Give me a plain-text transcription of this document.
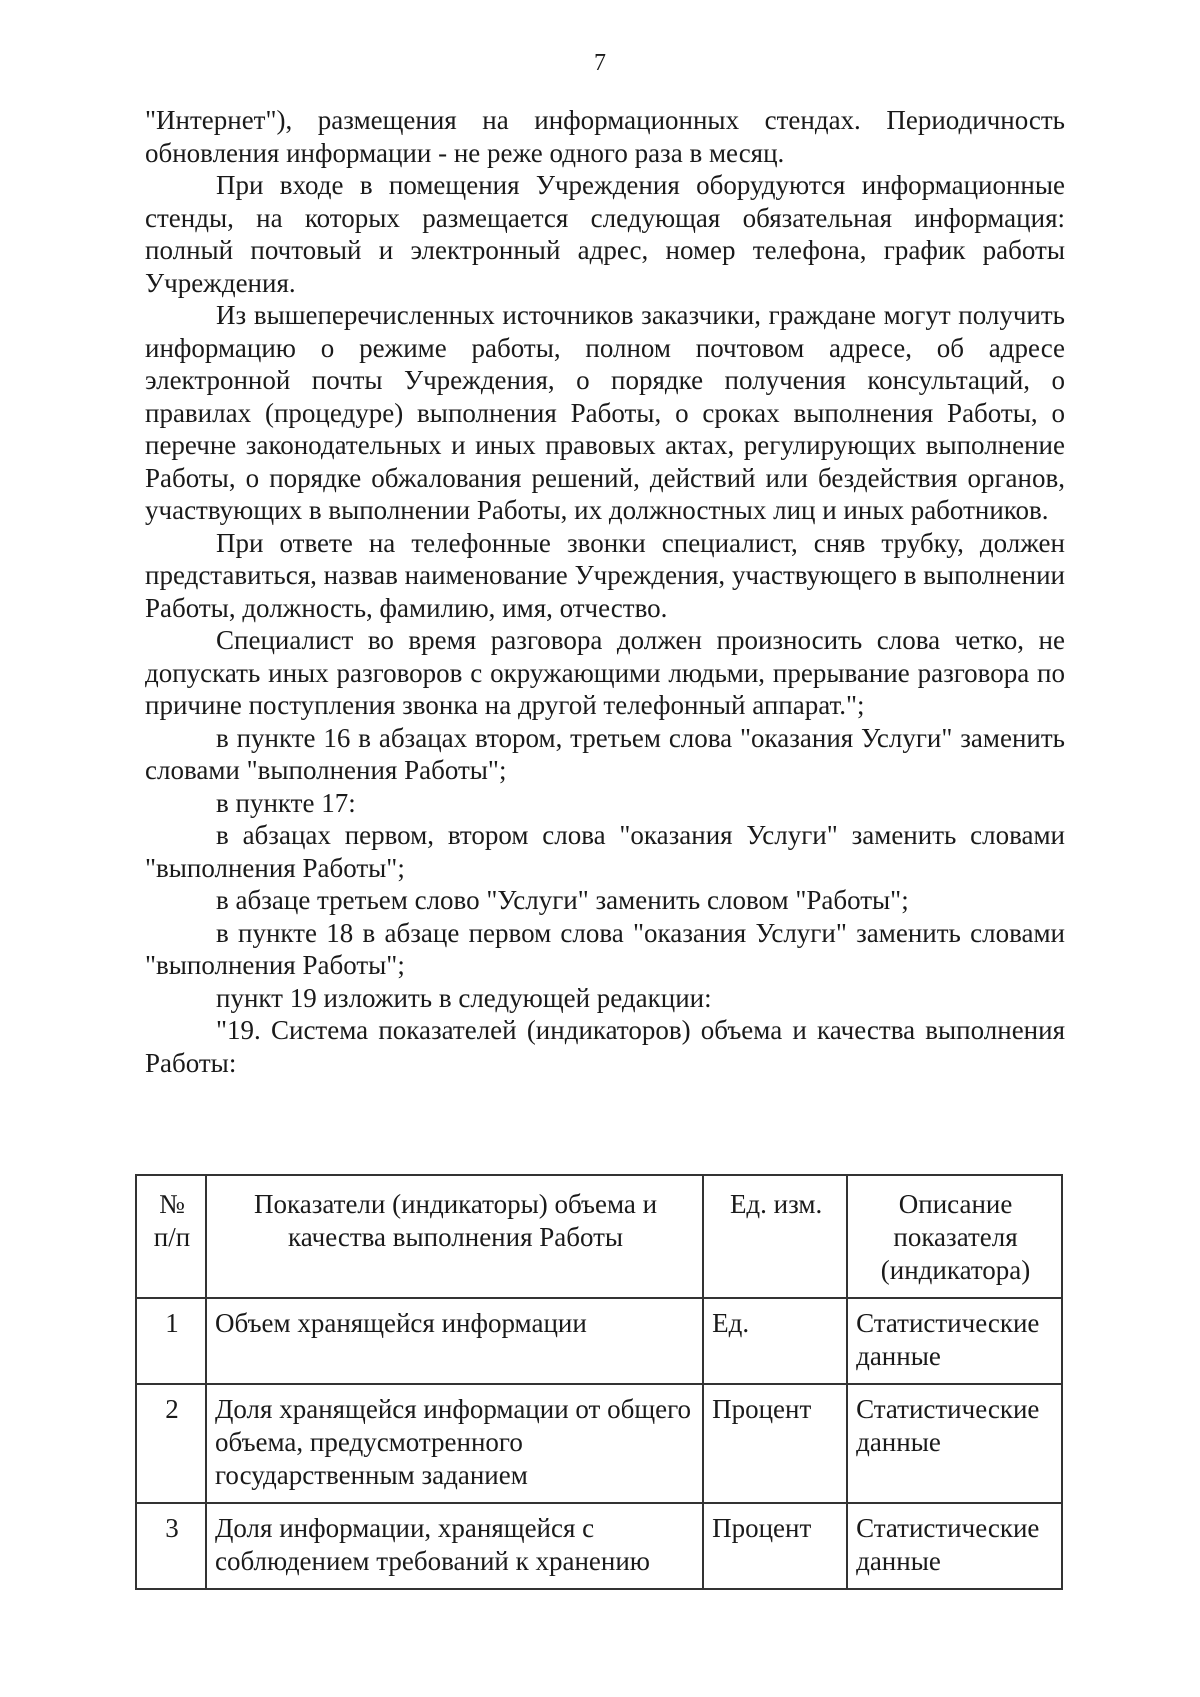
7

"Интернет"), размещения на информационных стендах. Периодичность обновления информации - не реже одного раза в месяц.

При входе в помещения Учреждения оборудуются информационные стенды, на которых размещается следующая обязательная информация: полный почтовый и электронный адрес, номер телефона, график работы Учреждения.

Из вышеперечисленных источников заказчики, граждане могут получить информацию о режиме работы, полном почтовом адресе, об адресе электронной почты Учреждения, о порядке получения консультаций, о правилах (процедуре) выполнения Работы, о сроках выполнения Работы, о перечне законодательных и иных правовых актах, регулирующих выполнение Работы, о порядке обжалования решений, действий или бездействия органов, участвующих в выполнении Работы, их должностных лиц и иных работников.

При ответе на телефонные звонки специалист, сняв трубку, должен представиться, назвав наименование Учреждения, участвующего в выполнении Работы, должность, фамилию, имя, отчество.

Специалист во время разговора должен произносить слова четко, не допускать иных разговоров с окружающими людьми, прерывание разговора по причине поступления звонка на другой телефонный аппарат.";

в пункте 16 в абзацах втором, третьем слова "оказания Услуги" заменить словами "выполнения Работы";

в пункте 17:

в абзацах первом, втором слова "оказания Услуги" заменить словами "выполнения Работы";

в абзаце третьем слово "Услуги" заменить словом "Работы";

в пункте 18 в абзаце первом слова "оказания Услуги" заменить словами "выполнения Работы";

пункт 19 изложить в следующей редакции:

"19. Система показателей (индикаторов) объема и качества выполнения Работы:

№ п/п	Показатели (индикаторы) объема и качества выполнения Работы	Ед. изм.	Описание показателя (индикатора)
1	Объем хранящейся информации	Ед.	Статистические данные
2	Доля хранящейся информации от общего объема, предусмотренного государственным заданием	Процент	Статистические данные
3	Доля информации, хранящейся с соблюдением требований к хранению	Процент	Статистические данные
